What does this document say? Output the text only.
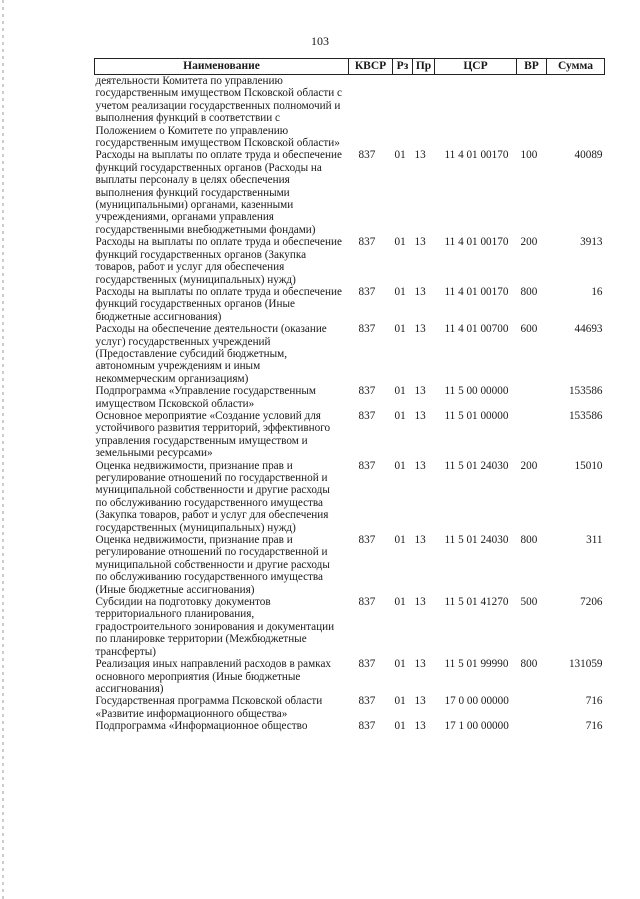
103
Наименование	КВСР	Рз	Пр	ЦСР	ВР	Сумма
деятельности Комитета по управлению государственным имуществом Псковской области с учетом реализации государственных полномочий и выполнения функций в соответствии с Положением о Комитете по управлению государственным имуществом Псковской области»						
Расходы на выплаты по оплате труда и обеспечение функций государственных органов (Расходы на выплаты персоналу в целях обеспечения выполнения функций государственными (муниципальными) органами, казенными учреждениями, органами управления государственными внебюджетными фондами)	837	01	13	11 4 01 00170	100	40089
Расходы на выплаты по оплате труда и обеспечение функций государственных органов (Закупка товаров, работ и услуг для обеспечения государственных (муниципальных) нужд)	837	01	13	11 4 01 00170	200	3913
Расходы на выплаты по оплате труда и обеспечение функций государственных органов (Иные бюджетные ассигнования)	837	01	13	11 4 01 00170	800	16
Расходы на обеспечение деятельности (оказание услуг) государственных учреждений (Предоставление субсидий бюджетным, автономным учреждениям и иным некоммерческим организациям)	837	01	13	11 4 01 00700	600	44693
Подпрограмма «Управление государственным имуществом Псковской области»	837	01	13	11 5 00 00000		153586
Основное мероприятие «Создание условий для устойчивого развития территорий, эффективного управления государственным имуществом и земельными ресурсами»	837	01	13	11 5 01 00000		153586
Оценка недвижимости, признание прав и регулирование отношений по государственной и муниципальной собственности и другие расходы по обслуживанию государственного имущества (Закупка товаров, работ и услуг для обеспечения государственных (муниципальных) нужд)	837	01	13	11 5 01 24030	200	15010
Оценка недвижимости, признание прав и регулирование отношений по государственной и муниципальной собственности и другие расходы по обслуживанию государственного имущества (Иные бюджетные ассигнования)	837	01	13	11 5 01 24030	800	311
Субсидии на подготовку документов территориального планирования, градостроительного зонирования и документации по планировке территории (Межбюджетные трансферты)	837	01	13	11 5 01 41270	500	7206
Реализация иных направлений расходов в рамках основного мероприятия (Иные бюджетные ассигнования)	837	01	13	11 5 01 99990	800	131059
Государственная программа Псковской области «Развитие информационного общества»	837	01	13	17 0 00 00000		716
Подпрограмма «Информационное общество	837	01	13	17 1 00 00000		716
